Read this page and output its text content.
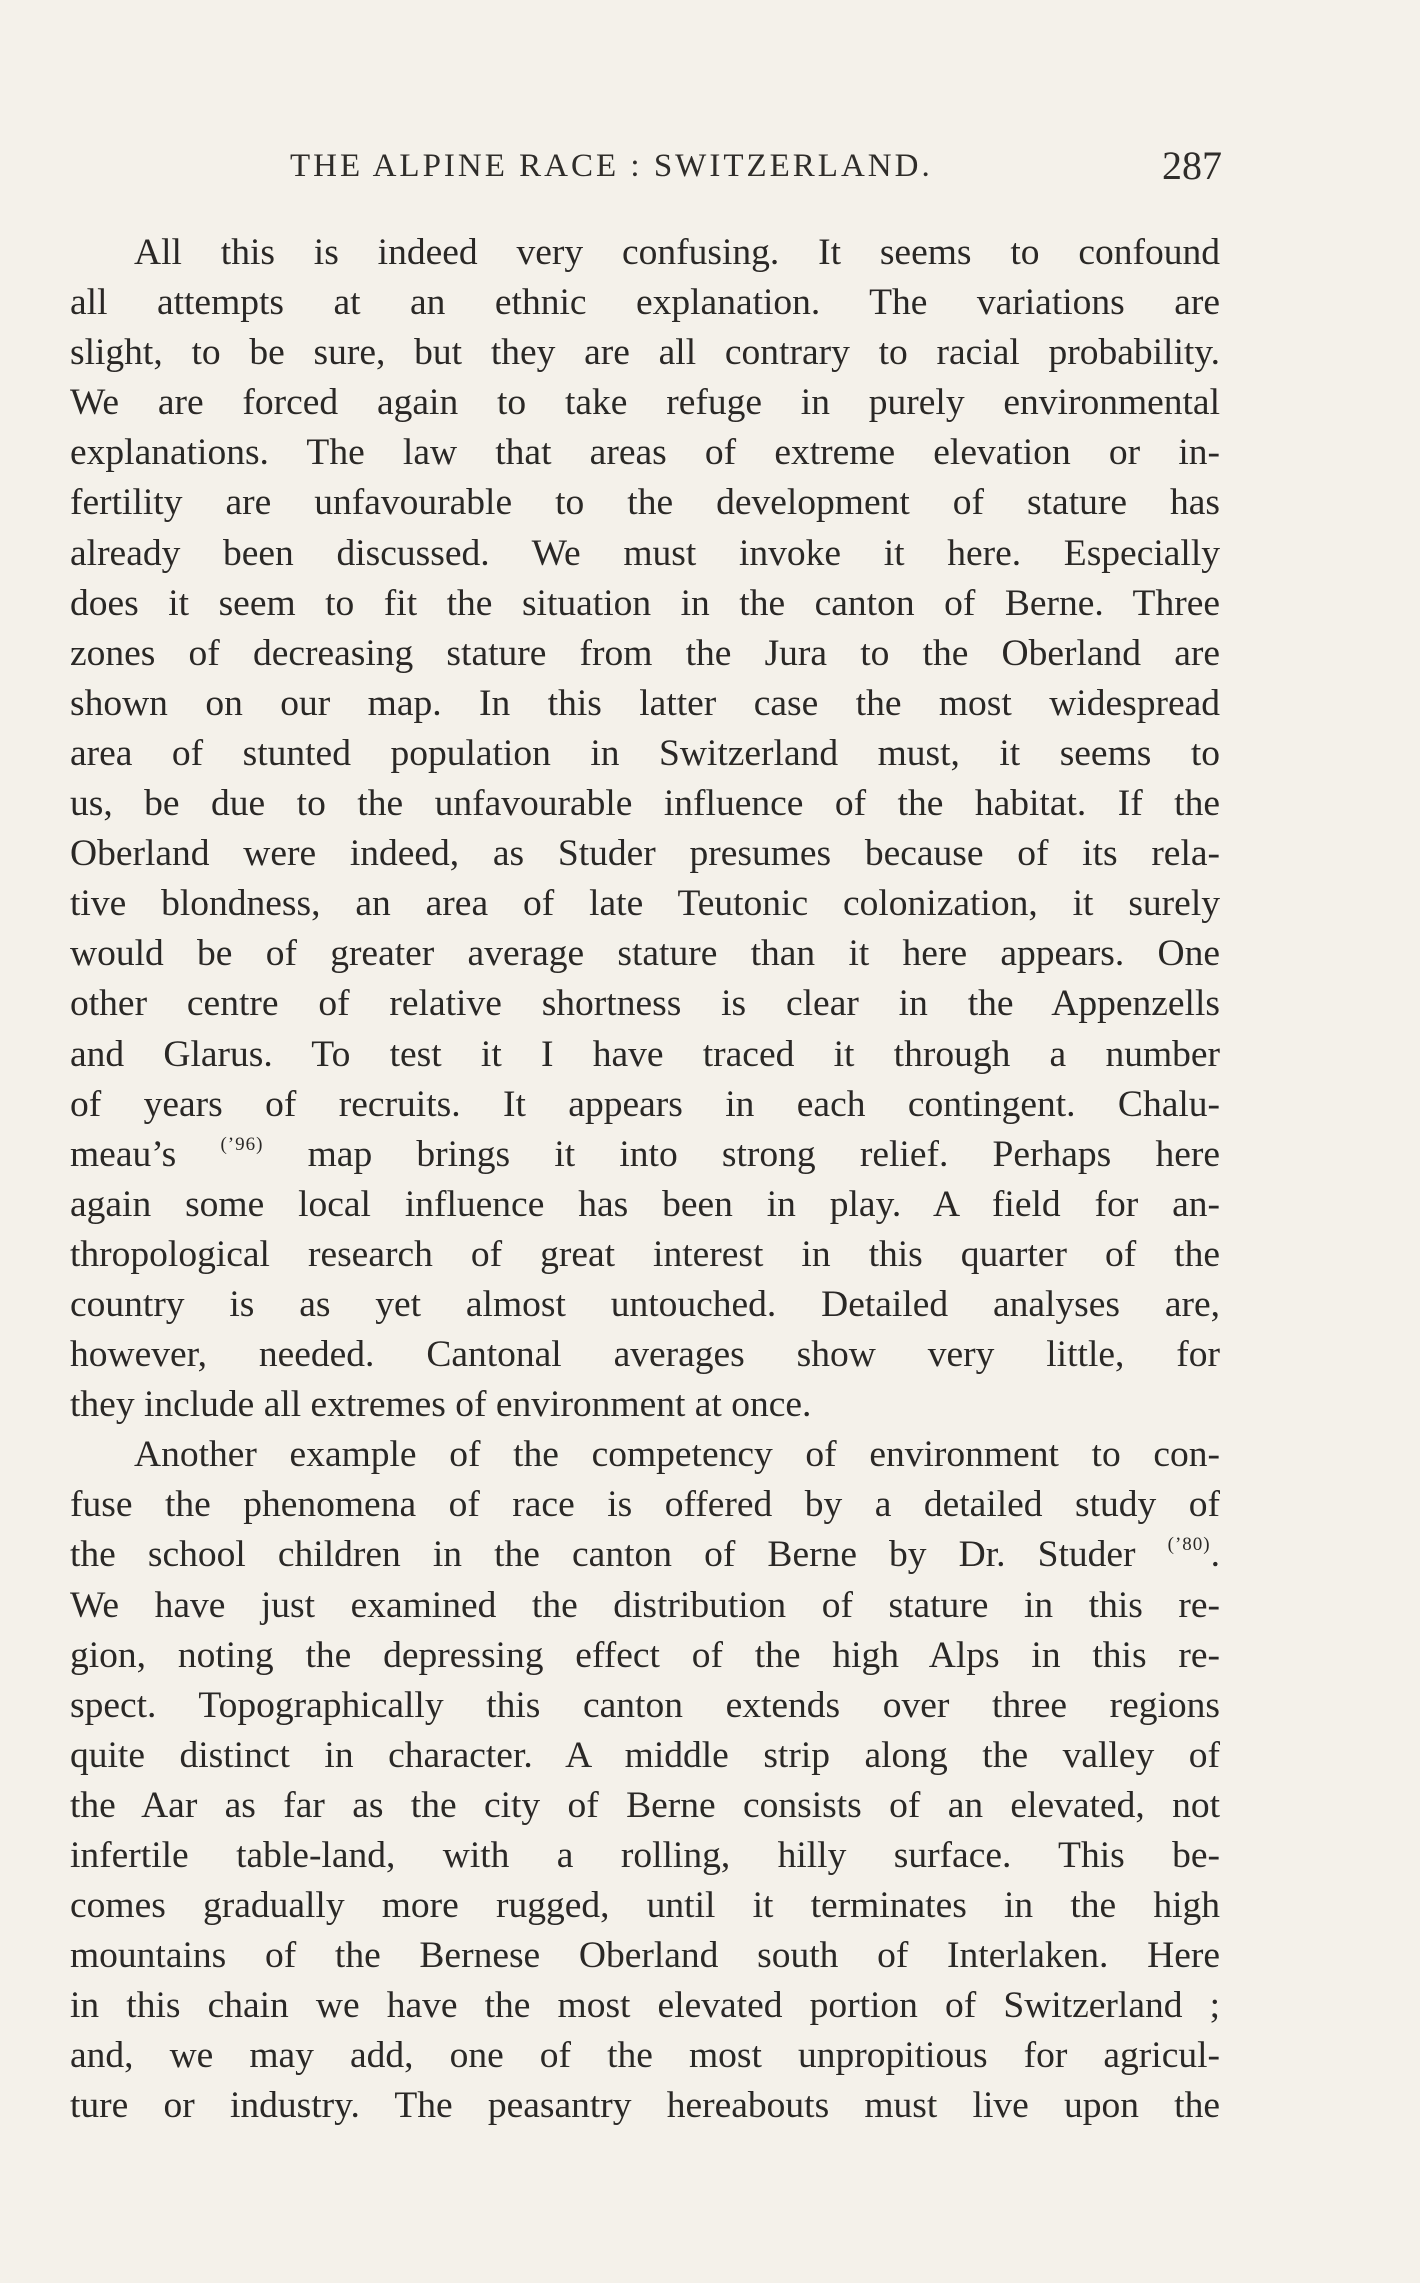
THE ALPINE RACE : SWITZERLAND.	287
All this is indeed very confusing. It seems to confound
all attempts at an ethnic explanation. The variations are
slight, to be sure, but they are all contrary to racial probability.
We are forced again to take refuge in purely environmental
explanations. The law that areas of extreme elevation or in-
fertility are unfavourable to the development of stature has
already been discussed. We must invoke it here. Especially
does it seem to fit the situation in the canton of Berne. Three
zones of decreasing stature from the Jura to the Oberland are
shown on our map. In this latter case the most widespread
area of stunted population in Switzerland must, it seems to
us, be due to the unfavourable influence of the habitat. If the
Oberland were indeed, as Studer presumes because of its rela-
tive blondness, an area of late Teutonic colonization, it surely
would be of greater average stature than it here appears. One
other centre of relative shortness is clear in the Appenzells
and Glarus. To test it I have traced it through a number
of years of recruits. It appears in each contingent. Chalu-
meau’s $^{(’96)}$ map brings it into strong relief. Perhaps here
again some local influence has been in play. A field for an-
thropological research of great interest in this quarter of the
country is as yet almost untouched. Detailed analyses are,
however, needed. Cantonal averages show very little, for
they include all extremes of environment at once.
Another example of the competency of environment to con-
fuse the phenomena of race is offered by a detailed study of
the school children in the canton of Berne by Dr. Studer $^{(’80)}$.
We have just examined the distribution of stature in this re-
gion, noting the depressing effect of the high Alps in this re-
spect. Topographically this canton extends over three regions
quite distinct in character. A middle strip along the valley of
the Aar as far as the city of Berne consists of an elevated, not
infertile table-land, with a rolling, hilly surface. This be-
comes gradually more rugged, until it terminates in the high
mountains of the Bernese Oberland south of Interlaken. Here
in this chain we have the most elevated portion of Switzerland ;
and, we may add, one of the most unpropitious for agricul-
ture or industry. The peasantry hereabouts must live upon the
